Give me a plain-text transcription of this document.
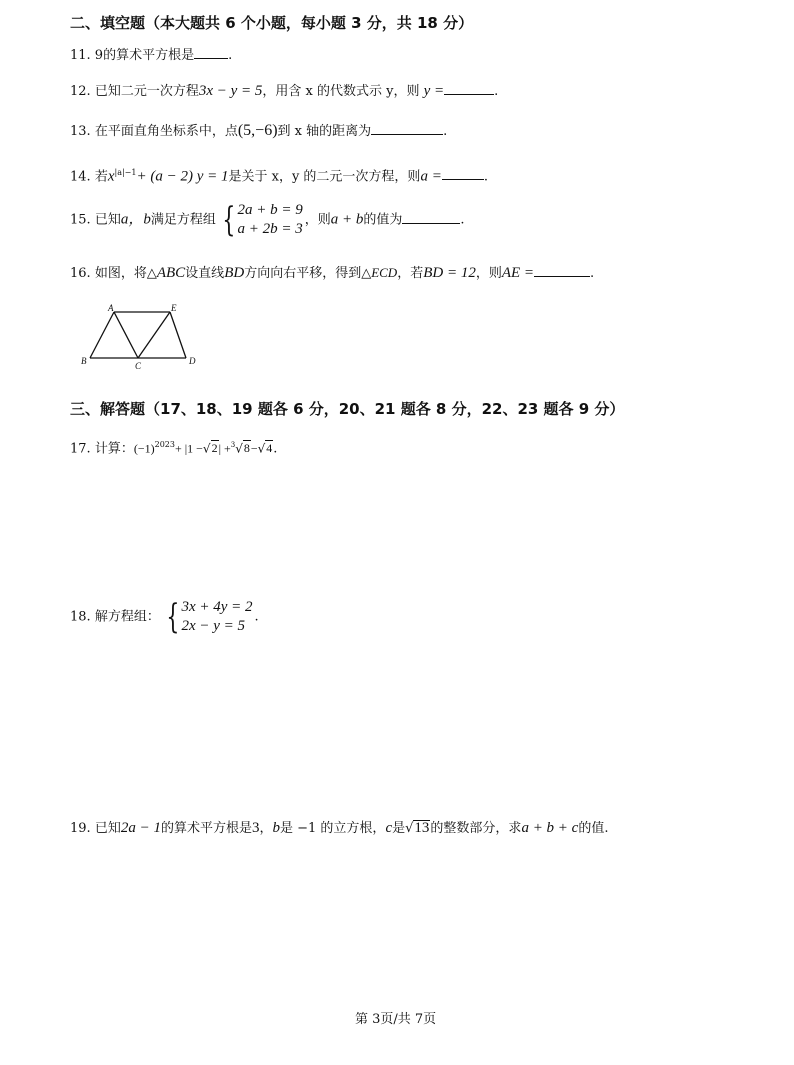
二、填空题（本大题共 6 个小题，每小题 3 分，共 18 分）
11. 9的算术平方根是	.
12. 已知二元一次方程3x − y = 5，用含 x 的代数式示 y，则 y =	.
13. 在平面直角坐标系中，点(5,−6)到 x 轴的距离为	.
14. 若$x^{|a|-1}+ (a - 2) y = 1$是关于 x，y 的二元一次方程，则a =	.
15. 已知a，b满足方程组 { 2a + b = 9
a + 2b = 3
，则a + b的值为	.
16. 如图，将△ABC设直线BD方向向右平移，得到△ECD，若BD = 12，则AE =	.
A	E
B	C	D
三、解答题（17、18、19 题各 6 分，20、21 题各 8 分，22、23 题各 9 分）
17. 计算：$(-1)^{2023}+ |1 -√2| +^3√8-√4$.
18. 解方程组： { 3x + 4y = 2
2x − y = 5
.
19. 已知2a − 1的算术平方根是3，b是 −1 的立方根，c是√13的整数部分，求a + b + c的值.
第 3页/共 7页
